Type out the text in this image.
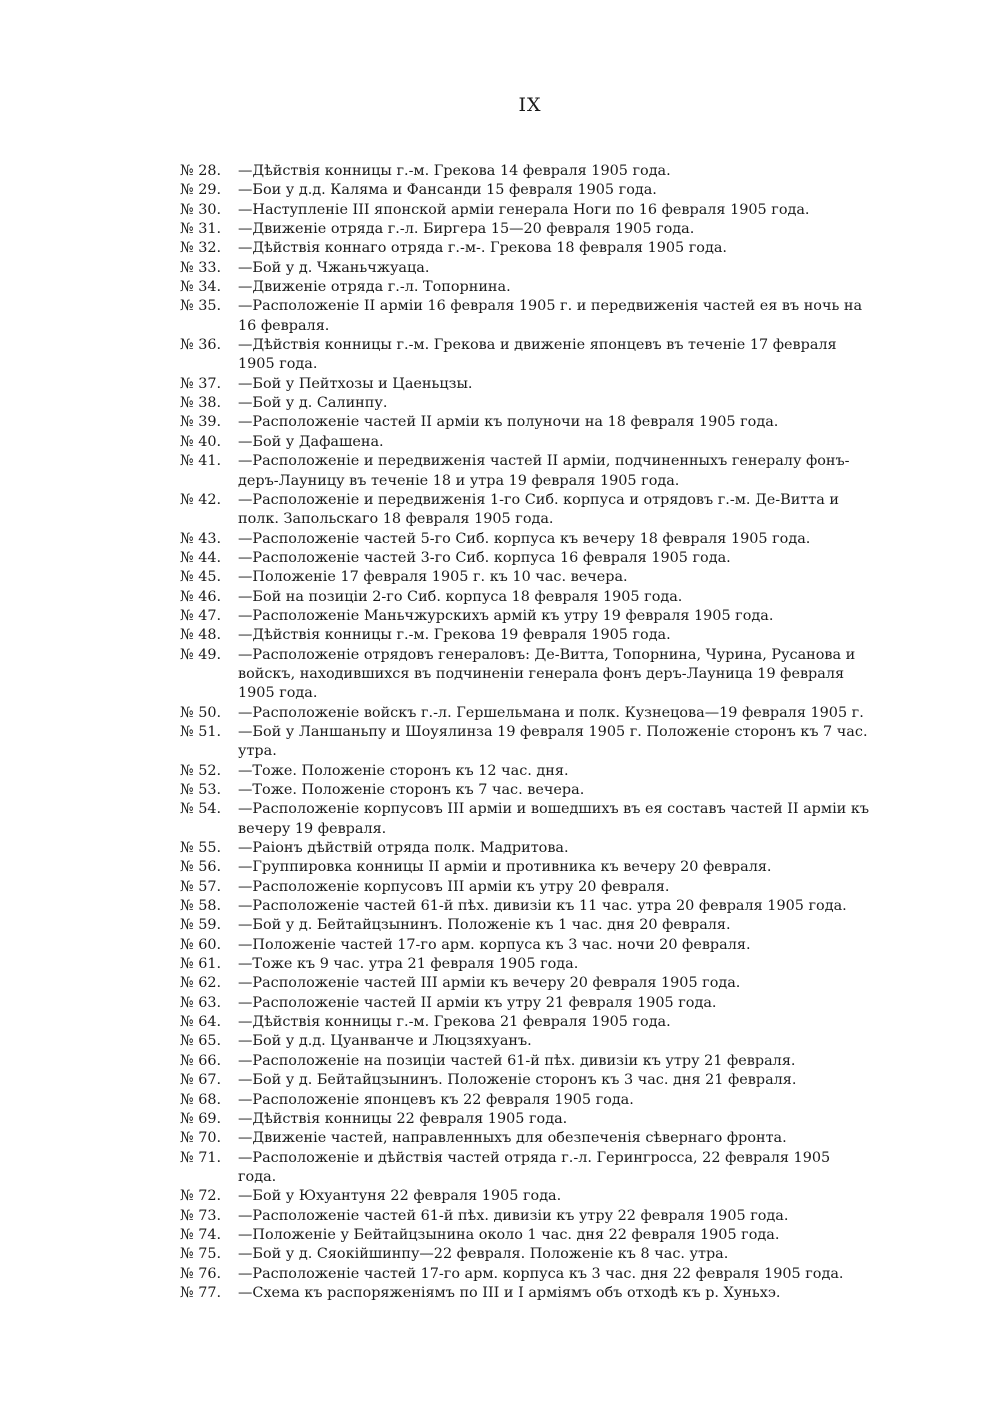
IX
№ 28.	—Дѣйствія конницы г.-м. Грекова 14 февраля 1905 года.
№ 29.	—Бои у д.д. Каляма и Фансанди 15 февраля 1905 года.
№ 30.	—Наступленіе III японской арміи генерала Ноги по 16 февраля 1905 года.
№ 31.	—Движеніе отряда г.-л. Биргера 15—20 февраля 1905 года.
№ 32.	—Дѣйствія коннаго отряда г.-м-. Грекова 18 февраля 1905 года.
№ 33.	—Бой у д. Чжаньчжуаца.
№ 34.	—Движеніе отряда г.-л. Топорнина.
№ 35.	—Расположеніе II арміи 16 февраля 1905 г. и передвиженія частей ея въ ночь на 16 февраля.
№ 36.	—Дѣйствія конницы г.-м. Грекова и движеніе японцевъ въ теченіе 17 февраля 1905 года.
№ 37.	—Бой у Пейтхозы и Цаеньцзы.
№ 38.	—Бой у д. Салинпу.
№ 39.	—Расположеніе частей II арміи къ полуночи на 18 февраля 1905 года.
№ 40.	—Бой у Дафашена.
№ 41.	—Расположеніе и передвиженія частей II арміи, подчиненныхъ генералу фонъ-деръ-Лауницу въ теченіе 18 и утра 19 февраля 1905 года.
№ 42.	—Расположеніе и передвиженія 1-го Сиб. корпуса и отрядовъ г.-м. Де-Витта и полк. Запольскаго 18 февраля 1905 года.
№ 43.	—Расположеніе частей 5-го Сиб. корпуса къ вечеру 18 февраля 1905 года.
№ 44.	—Расположеніе частей 3-го Сиб. корпуса 16 февраля 1905 года.
№ 45.	—Положеніе 17 февраля 1905 г. къ 10 час. вечера.
№ 46.	—Бой на позиціи 2-го Сиб. корпуса 18 февраля 1905 года.
№ 47.	—Расположеніе Маньчжурскихъ армій къ утру 19 февраля 1905 года.
№ 48.	—Дѣйствія конницы г.-м. Грекова 19 февраля 1905 года.
№ 49.	—Расположеніе отрядовъ генераловъ: Де-Витта, Топорнина, Чурина, Русанова и войскъ, находившихся въ подчиненіи генерала фонъ деръ-Лауница 19 февраля 1905 года.
№ 50.	—Расположеніе войскъ г.-л. Гершельмана и полк. Кузнецова—19 февраля 1905 г.
№ 51.	—Бой у Ланшаньпу и Шоуялинза 19 февраля 1905 г. Положеніе сторонъ къ 7 час. утра.
№ 52.	—Тоже. Положеніе сторонъ къ 12 час. дня.
№ 53.	—Тоже. Положеніе сторонъ къ 7 час. вечера.
№ 54.	—Расположеніе корпусовъ III арміи и вошедшихъ въ ея составъ частей II арміи къ вечеру 19 февраля.
№ 55.	—Раіонъ дѣйствій отряда полк. Мадритова.
№ 56.	—Группировка конницы II арміи и противника къ вечеру 20 февраля.
№ 57.	—Расположеніе корпусовъ III арміи къ утру 20 февраля.
№ 58.	—Расположеніе частей 61-й пѣх. дивизіи къ 11 час. утра 20 февраля 1905 года.
№ 59.	—Бой у д. Бейтайцзынинъ. Положеніе къ 1 час. дня 20 февраля.
№ 60.	—Положеніе частей 17-го арм. корпуса къ 3 час. ночи 20 февраля.
№ 61.	—Тоже къ 9 час. утра 21 февраля 1905 года.
№ 62.	—Расположеніе частей III арміи къ вечеру 20 февраля 1905 года.
№ 63.	—Расположеніе частей II арміи къ утру 21 февраля 1905 года.
№ 64.	—Дѣйствія конницы г.-м. Грекова 21 февраля 1905 года.
№ 65.	—Бой у д.д. Цуанванче и Люцзяхуанъ.
№ 66.	—Расположеніе на позиціи частей 61-й пѣх. дивизіи къ утру 21 февраля.
№ 67.	—Бой у д. Бейтайцзынинъ. Положеніе сторонъ къ 3 час. дня 21 февраля.
№ 68.	—Расположеніе японцевъ къ 22 февраля 1905 года.
№ 69.	—Дѣйствія конницы 22 февраля 1905 года.
№ 70.	—Движеніе частей, направленныхъ для обезпеченія сѣвернаго фронта.
№ 71.	—Расположеніе и дѣйствія частей отряда г.-л. Герингросса, 22 февраля 1905 года.
№ 72.	—Бой у Юхуантуня 22 февраля 1905 года.
№ 73.	—Расположеніе частей 61-й пѣх. дивизіи къ утру 22 февраля 1905 года.
№ 74.	—Положеніе у Бейтайцзынина около 1 час. дня 22 февраля 1905 года.
№ 75.	—Бой у д. Сяокійшинпу—22 февраля. Положеніе къ 8 час. утра.
№ 76.	—Расположеніе частей 17-го арм. корпуса къ 3 час. дня 22 февраля 1905 года.
№ 77.	—Схема къ распоряженіямъ по III и I арміямъ объ отходѣ къ р. Хуньхэ.
